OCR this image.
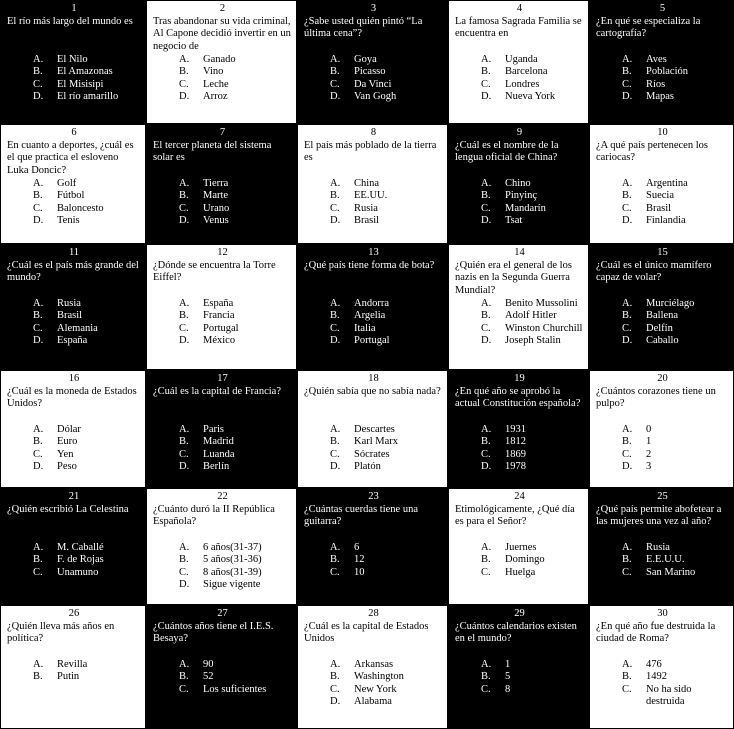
1
El río más largo del mundo es
A.	El Nilo
B.	El Amazonas
C.	El Misisipi
D.	El río amarillo
2
Tras abandonar su vida criminal, Al Capone decidió invertir en un negocio de
A.	Ganado
B.	Vino
C.	Leche
D.	Arroz
3
¿Sabe usted quién pintó “La última cena”?
A.	Goya
B.	Picasso
C.	Da Vinci
D.	Van Gogh
4
La famosa Sagrada Familia se encuentra en
A.	Uganda
B.	Barcelona
C.	Londres
D.	Nueva York
5
¿En qué se especializa la cartografía?
A.	Aves
B.	Población
C.	Ríos
D.	Mapas
6
En cuanto a deportes, ¿cuál es el que practica el esloveno Luka Doncic?
A.	Golf
B.	Fútbol
C.	Baloncesto
D.	Tenis
7
El tercer planeta del sistema solar es
A.	Tierra
B.	Marte
C.	Urano
D.	Venus
8
El país más poblado de la tierra es
A.	China
B.	EE.UU.
C.	Rusia
D.	Brasil
9
¿Cuál es el nombre de la lengua oficial de China?
A.	Chino
B.	Pinyinç
C.	Mandarín
D.	Tsat
10
¿A qué país pertenecen los cariocas?
A.	Argentina
B.	Suecia
C.	Brasil
D.	Finlandia
11
¿Cuál es el país más grande del mundo?
A.	Rusia
B.	Brasil
C.	Alemania
D.	España
12
¿Dónde se encuentra la Torre Eiffel?
A.	España
B.	Francia
C.	Portugal
D.	México
13
¿Qué país tiene forma de bota?
A.	Andorra
B.	Argelia
C.	Italia
D.	Portugal
14
¿Quién era el general de los nazis en la Segunda Guerra Mundial?
A.	Benito Mussolini
B.	Adolf Hitler
C.	Winston Churchill
D.	Joseph Stalin
15
¿Cuál es el único mamífero capaz de volar?
A.	Murciélago
B.	Ballena
C.	Delfín
D.	Caballo
16
¿Cuál es la moneda de Estados Unidos?
A.	Dólar
B.	Euro
C.	Yen
D.	Peso
17
¿Cuál es la capital de Francia?
A.	Paris
B.	Madrid
C.	Luanda
D.	Berlín
18
¿Quién sabía que no sabía nada?
A.	Descartes
B.	Karl Marx
C.	Sócrates
D.	Platón
19
¿En qué año se aprobó la actual Constitución española?
A.	1931
B.	1812
C.	1869
D.	1978
20
¿Cuántos corazones tiene un pulpo?
A.	0
B.	1
C.	2
D.	3
21
¿Quién escribió La Celestina
A.	M. Caballé
B.	F. de Rojas
C.	Unamuno
22
¿Cuánto duró la II República Española?
A.	6 años(31-37)
B.	5 años(31-36)
C.	8 años(31-39)
D.	Sigue vigente
23
¿Cuántas cuerdas tiene una guitarra?
A.	6
B.	12
C.	10
24
Etimológicamente, ¿Qué día es para el Señor?
A.	Juernes
B.	Domingo
C.	Huelga
25
¿Qué país permite abofetear a las mujeres una vez al año?
A.	Rusia
B.	E.E.U.U.
C.	San Marino
26
¿Quién lleva más años en política?
A.	Revilla
B.	Putin
27
¿Cuántos años tiene el I.E.S. Besaya?
A.	90
B.	52
C.	Los suficientes
28
¿Cuál es la capital de Estados Unidos
A.	Arkansas
B.	Washington
C.	New York
D.	Alabama
29
¿Cuántos calendarios existen en el mundo?
A.	1
B.	5
C.	8
30
¿En qué año fue destruida la ciudad de Roma?
A.	476
B.	1492
C.	No ha sido destruida
